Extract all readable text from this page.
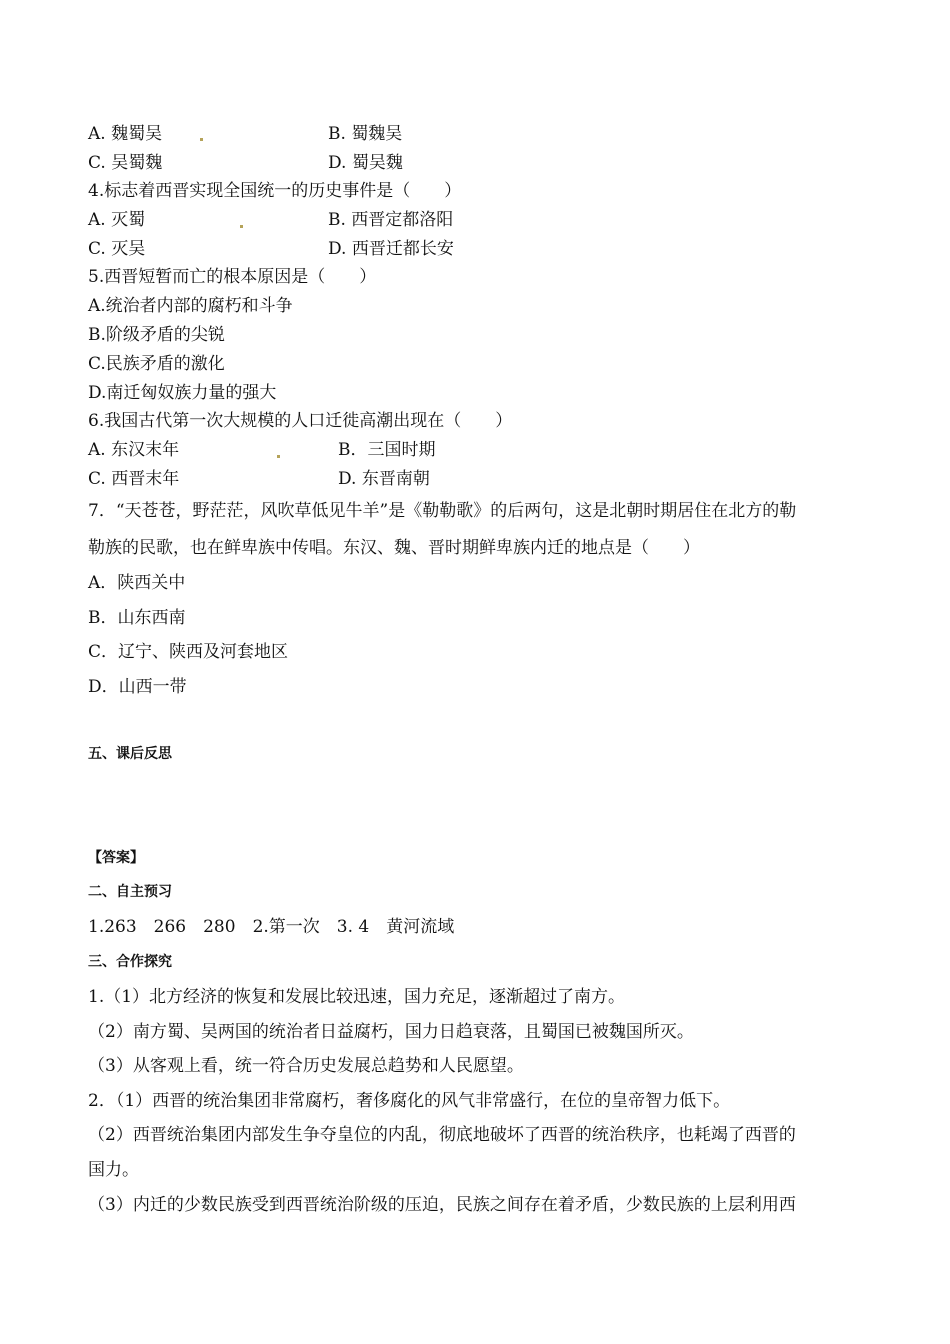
A. 魏蜀吴	B. 蜀魏吴
C. 吴蜀魏	D. 蜀吴魏
4.标志着西晋实现全国统一的历史事件是（　　）
A. 灭蜀	B. 西晋定都洛阳
C. 灭吴	D. 西晋迁都长安
5.西晋短暂而亡的根本原因是（　　）
A.统治者内部的腐朽和斗争
B.阶级矛盾的尖锐
C.民族矛盾的激化
D.南迁匈奴族力量的强大
6.我国古代第一次大规模的人口迁徙高潮出现在（　　）
A. 东汉末年	B．三国时期
C. 西晋末年	D. 东晋南朝
7．“天苍苍，野茫茫，风吹草低见牛羊”是《勒勒歌》的后两句，这是北朝时期居住在北方的勒
勒族的民歌，也在鲜卑族中传唱。东汉、魏、晋时期鲜卑族内迁的地点是（　　）
A．陕西关中
B．山东西南
C．辽宁、陕西及河套地区
D．山西一带
五、课后反思
【答案】
二、自主预习
1.263　266　280　2.第一次　3. 4　黄河流域
三、合作探究
1.（1）北方经济的恢复和发展比较迅速，国力充足，逐渐超过了南方。
（2）南方蜀、吴两国的统治者日益腐朽，国力日趋衰落，且蜀国已被魏国所灭。
（3）从客观上看，统一符合历史发展总趋势和人民愿望。
2．（1）西晋的统治集团非常腐朽，奢侈腐化的风气非常盛行，在位的皇帝智力低下。
（2）西晋统治集团内部发生争夺皇位的内乱，彻底地破坏了西晋的统治秩序，也耗竭了西晋的
国力。
（3）内迁的少数民族受到西晋统治阶级的压迫，民族之间存在着矛盾，少数民族的上层利用西
